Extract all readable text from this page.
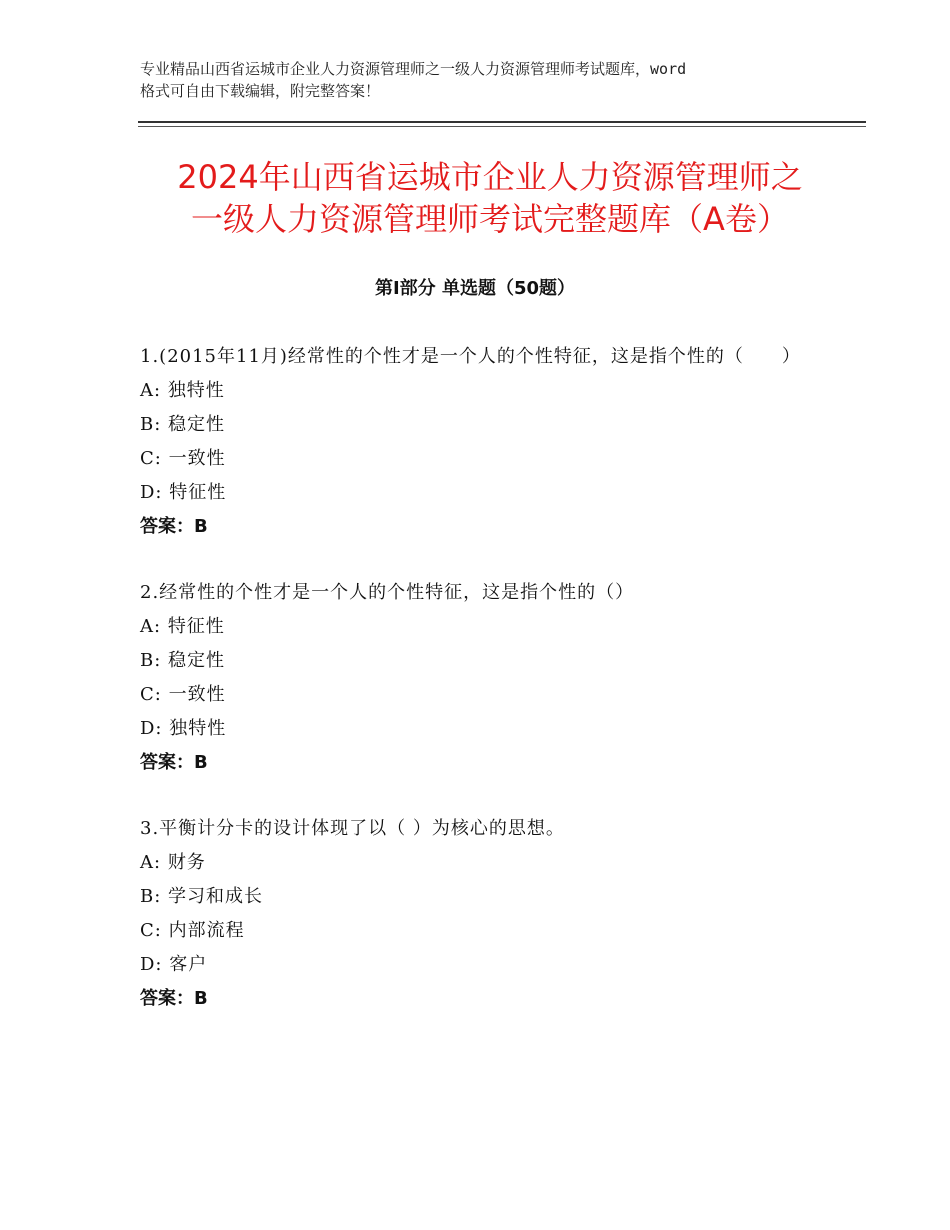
专业精品山西省运城市企业人力资源管理师之一级人力资源管理师考试题库，word
格式可自由下载编辑，附完整答案！
2024年山西省运城市企业人力资源管理师之
一级人力资源管理师考试完整题库（A卷）
第Ⅰ部分 单选题（50题）
1.(2015年11月)经常性的个性才是一个人的个性特征，这是指个性的（　　）
A: 独特性
B: 稳定性
C: 一致性
D: 特征性
答案：B
2.经常性的个性才是一个人的个性特征，这是指个性的（）
A: 特征性
B: 稳定性
C: 一致性
D: 独特性
答案：B
3.平衡计分卡的设计体现了以（ ）为核心的思想。
A: 财务
B: 学习和成长
C: 内部流程
D: 客户
答案：B
